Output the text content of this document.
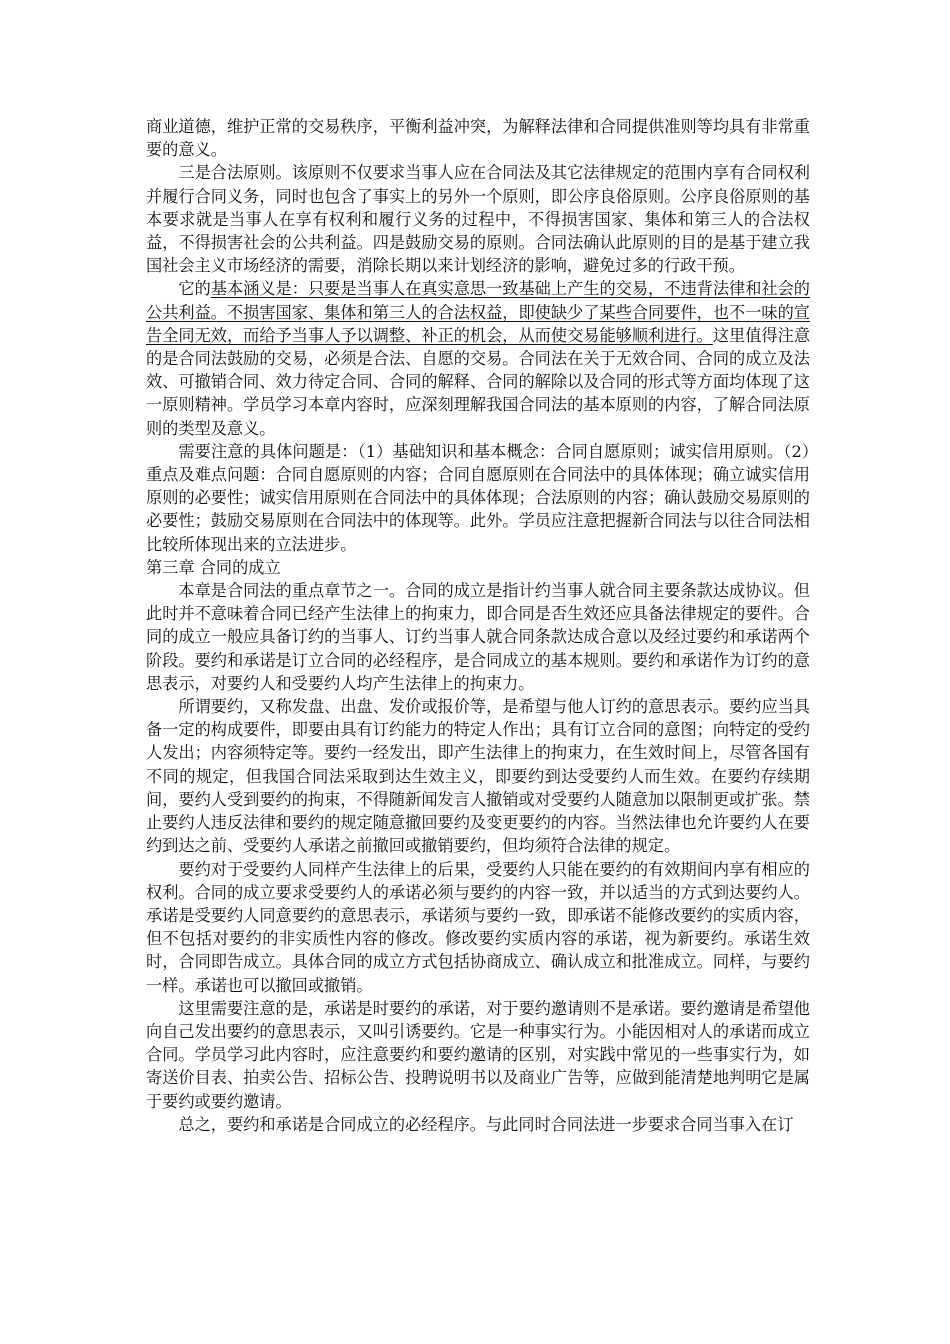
商业道德，维护正常的交易秩序，平衡利益冲突，为解释法律和合同提供准则等均具有非常重要的意义。

三是合法原则。该原则不仅要求当事人应在合同法及其它法律规定的范围内享有合同权利并履行合同义务，同时也包含了事实上的另外一个原则，即公序良俗原则。公序良俗原则的基本要求就是当事人在享有权利和履行义务的过程中，不得损害国家、集体和第三人的合法权益，不得损害社会的公共利益。四是鼓励交易的原则。合同法确认此原则的目的是基于建立我国社会主义市场经济的需要，消除长期以来计划经济的影响，避免过多的行政干预。

它的基本涵义是：只要是当事人在真实意思一致基础上产生的交易，不违背法律和社会的公共利益。不损害国家、集体和第三人的合法权益，即使缺少了某些合同要件，也不一味的宣告全同无效，而给予当事人予以调整、补正的机会，从而使交易能够顺利进行。这里值得注意的是合同法鼓励的交易，必须是合法、自愿的交易。合同法在关于无效合同、合同的成立及法效、可撤销合同、效力待定合同、合同的解释、合同的解除以及合同的形式等方面均体现了这一原则精神。学员学习本章内容时，应深刻理解我国合同法的基本原则的内容，了解合同法原则的类型及意义。

需要注意的具体问题是：（1）基础知识和基本概念：合同自愿原则；诚实信用原则。（2）重点及难点问题：合同自愿原则的内容；合同自愿原则在合同法中的具体体现；确立诚实信用原则的必要性；诚实信用原则在合同法中的具体体现；合法原则的内容；确认鼓励交易原则的必要性；鼓励交易原则在合同法中的体现等。此外。学员应注意把握新合同法与以往合同法相比较所体现出来的立法进步。

第三章 合同的成立

本章是合同法的重点章节之一。合同的成立是指计约当事人就合同主要条款达成协议。但此时并不意味着合同已经产生法律上的拘束力，即合同是否生效还应具备法律规定的要件。合同的成立一般应具备订约的当事人、订约当事人就合同条款达成合意以及经过要约和承诺两个阶段。要约和承诺是订立合同的必经程序，是合同成立的基本规则。要约和承诺作为订约的意思表示，对要约人和受要约人均产生法律上的拘束力。

所谓要约，又称发盘、出盘、发价或报价等，是希望与他人订约的意思表示。要约应当具备一定的构成要件，即要由具有订约能力的特定人作出；具有订立合同的意图；向特定的受约人发出；内容须特定等。要约一经发出，即产生法律上的拘束力，在生效时间上，尽管各国有不同的规定，但我国合同法采取到达生效主义，即要约到达受要约人而生效。在要约存续期间，要约人受到要约的拘束，不得随新闻发言人撤销或对受要约人随意加以限制更或扩张。禁止要约人违反法律和要约的规定随意撤回要约及变更要约的内容。当然法律也允许要约人在要约到达之前、受要约人承诺之前撤回或撤销要约，但均须符合法律的规定。

要约对于受要约人同样产生法律上的后果，受要约人只能在要约的有效期间内享有相应的权利。合同的成立要求受要约人的承诺必须与要约的内容一致，并以适当的方式到达要约人。承诺是受要约人同意要约的意思表示，承诺须与要约一致，即承诺不能修改要约的实质内容，但不包括对要约的非实质性内容的修改。修改要约实质内容的承诺，视为新要约。承诺生效时，合同即告成立。具体合同的成立方式包括协商成立、确认成立和批准成立。同样，与要约一样。承诺也可以撤回或撤销。

这里需要注意的是，承诺是时要约的承诺，对于要约邀请则不是承诺。要约邀请是希望他向自己发出要约的意思表示，又叫引诱要约。它是一种事实行为。小能因相对人的承诺而成立合同。学员学习此内容时，应注意要约和要约邀请的区别，对实践中常见的一些事实行为，如寄送价目表、拍卖公告、招标公告、投聘说明书以及商业广告等，应做到能清楚地判明它是属于要约或要约邀请。

总之，要约和承诺是合同成立的必经程序。与此同时合同法进一步要求合同当事入在订
